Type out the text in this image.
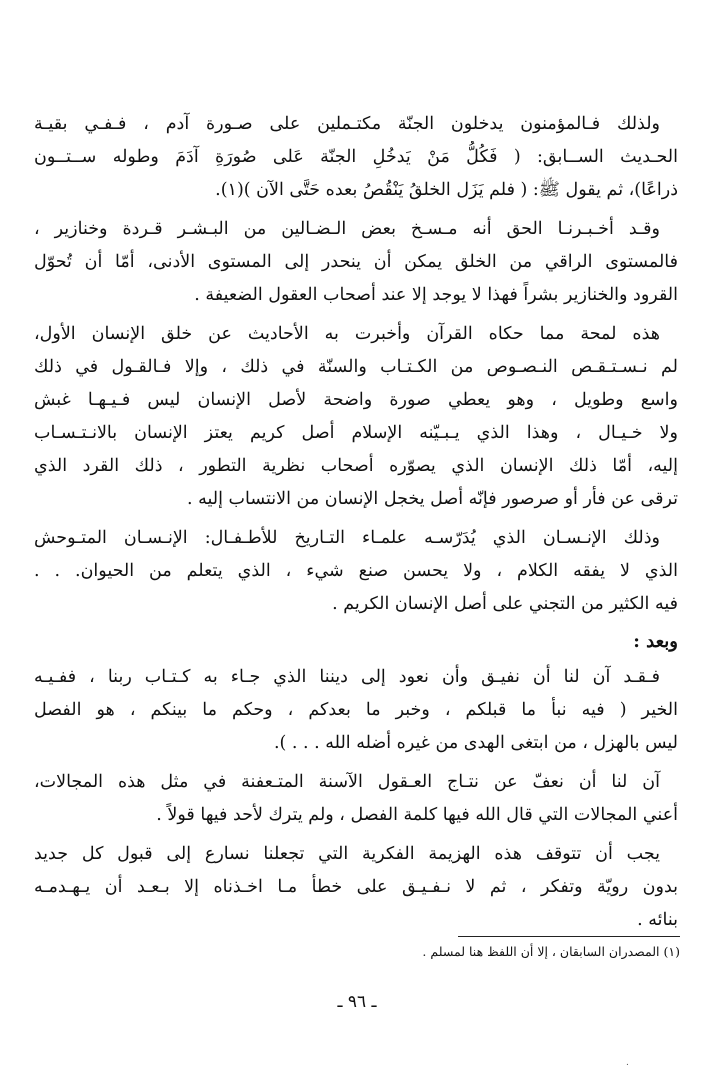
ولذلك فـالمؤمنون يدخلون الجنّة مكتـملين على صـورة آدم ، فـفـي بقيـة
الحـديث الســابق: ( فَكُلُّ مَنْ يَدخُلِ الجنّة عَلى صُورَةِ آدَمَ وطوله ســتــون
ذراعًا)، ثم يقول ﷺ: ( فلم يَزَل الخلقُ يَنْقُصُ بعده حَتَّى الآن )(١).

وقـد أخـبـرنـا الحق أنه مـسـخ بعض الـضـالين من البـشـر قـردة وخنازير ،
فالمستوى الراقي من الخلق يمكن أن ينحدر إلى المستوى الأدنى، أمّا أن تُحوّل
القرود والخنازير بشراً فهذا لا يوجد إلا عند أصحاب العقول الضعيفة .

هذه لمحة مما حكاه القرآن وأخبرت به الأحاديث عن خلق الإنسان الأول،
لم نـسـتـقـص النـصـوص من الكـتـاب والسنّة في ذلك ، وإلا فـالقـول في ذلك
واسع وطويل ، وهو يعطي صورة واضحة لأصل الإنسان ليس فـيـهـا غبش
ولا خـيـال ، وهذا الذي يـبـيّنه الإسلام أصل كريم يعتز الإنسان بالانـتـسـاب
إليه، أمّا ذلك الإنسان الذي يصوّره أصحاب نظرية التطور ، ذلك القرد الذي
ترقى عن فأر أو صرصور فإنّه أصل يخجل الإنسان من الانتساب إليه .

وذلك الإنـسـان الذي يُدَرّسـه علمـاء التـاريخ للأطـفـال: الإنـسـان المتـوحش
الذي لا يفقه الكلام ، ولا يحسن صنع شيء ، الذي يتعلم من الحيوان. . .
فيه الكثير من التجني على أصل الإنسان الكريم .

وبعد :

فـقـد آن لنا أن نفيـق وأن نعود إلى ديننا الذي جـاء به كـتـاب ربنا ، ففـيـه
الخير ( فيه نبأ ما قبلكم ، وخبر ما بعدكم ، وحكم ما بينكم ، هو الفصل
ليس بالهزل ، من ابتغى الهدى من غيره أضله الله . . . ).

آن لنا أن نعفّ عن نتـاج العـقول الآسنة المتـعفنة في مثل هذه المجالات،
أعني المجالات التي قال الله فيها كلمة الفصل ، ولم يترك لأحد فيها قولاً .

يجب أن تتوقف هذه الهزيمة الفكرية التي تجعلنا نسارع إلى قبول كل جديد
بدون رويّة وتفكر ، ثم لا نـفـيـق على خطأ مـا اخـذناه إلا بـعـد أن يـهـدمـه
بنائه .

(١) المصدران السابقان ، إلا أن اللفظ هنا لمسلم .
ـ ٩٦ ـ
.
